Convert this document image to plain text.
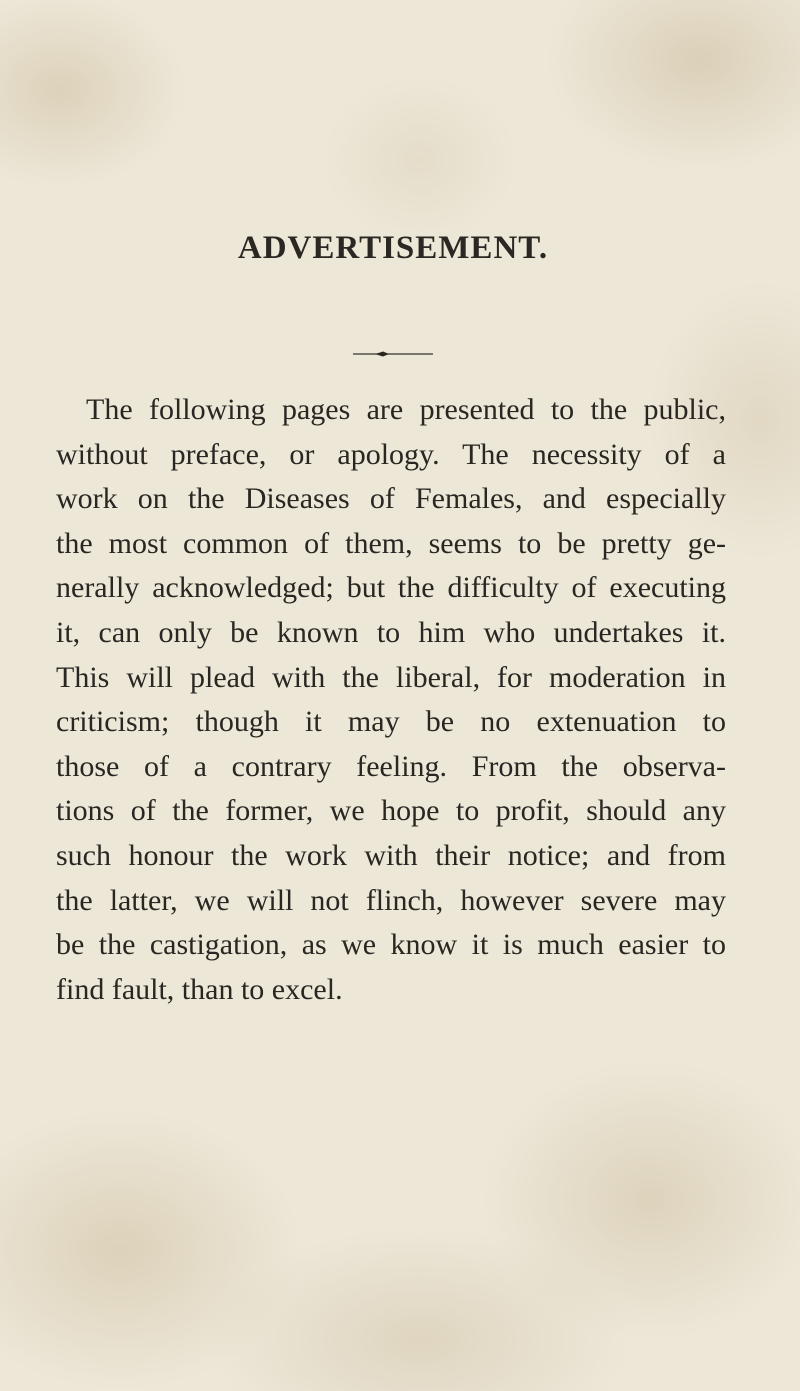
ADVERTISEMENT.
The following pages are presented to the public,
without preface, or apology. The necessity of a
work on the Diseases of Females, and especially
the most common of them, seems to be pretty ge-
nerally acknowledged; but the difficulty of executing
it, can only be known to him who undertakes it.
This will plead with the liberal, for moderation in
criticism; though it may be no extenuation to
those of a contrary feeling. From the observa-
tions of the former, we hope to profit, should any
such honour the work with their notice; and from
the latter, we will not flinch, however severe may
be the castigation, as we know it is much easier to
find fault, than to excel.
